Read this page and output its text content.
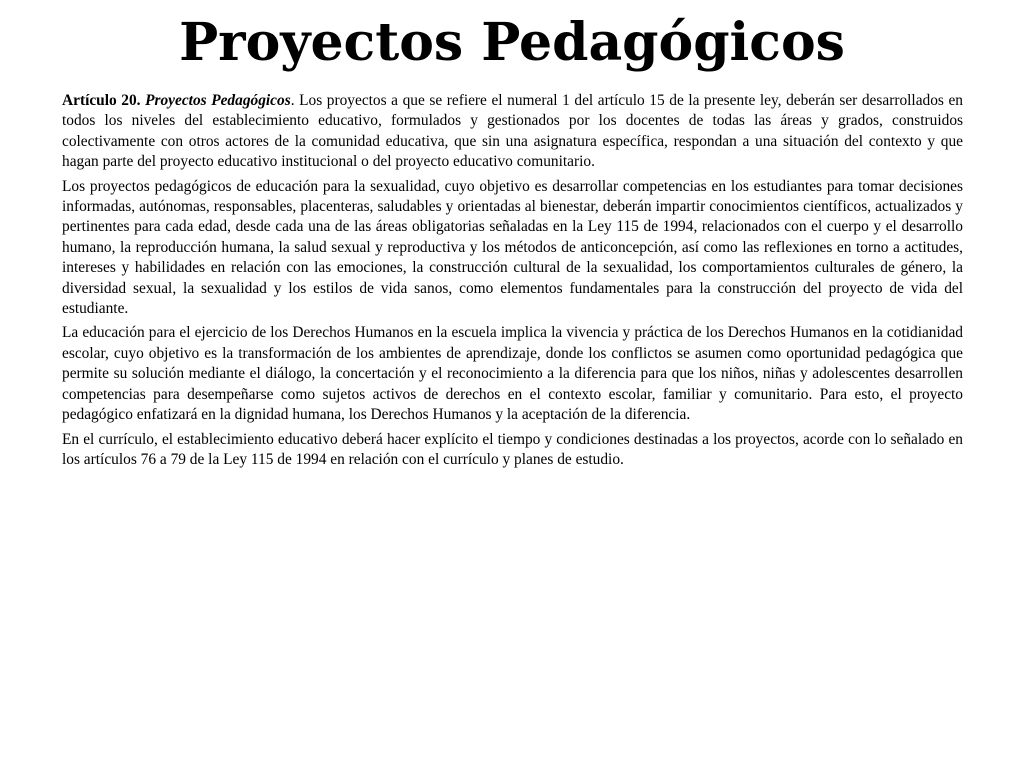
Proyectos Pedagógicos

Artículo 20. Proyectos Pedagógicos. Los proyectos a que se refiere el numeral 1 del artículo 15 de la presente ley, deberán ser desarrollados en todos los niveles del establecimiento educativo, formulados y gestionados por los docentes de todas las áreas y grados, construidos colectivamente con otros actores de la comunidad educativa, que sin una asignatura específica, respondan a una situación del contexto y que hagan parte del proyecto educativo institucional o del proyecto educativo comunitario.

Los proyectos pedagógicos de educación para la sexualidad, cuyo objetivo es desarrollar competencias en los estudiantes para tomar decisiones informadas, autónomas, responsables, placenteras, saludables y orientadas al bienestar, deberán impartir conocimientos científicos, actualizados y pertinentes para cada edad, desde cada una de las áreas obligatorias señaladas en la Ley 115 de 1994, relacionados con el cuerpo y el desarrollo humano, la reproducción humana, la salud sexual y reproductiva y los métodos de anticoncepción, así como las reflexiones en torno a actitudes, intereses y habilidades en relación con las emociones, la construcción cultural de la sexualidad, los comportamientos culturales de género, la diversidad sexual, la sexualidad y los estilos de vida sanos, como elementos fundamentales para la construcción del proyecto de vida del estudiante.

La educación para el ejercicio de los Derechos Humanos en la escuela implica la vivencia y práctica de los Derechos Humanos en la cotidianidad escolar, cuyo objetivo es la transformación de los ambientes de aprendizaje, donde los conflictos se asumen como oportunidad pedagógica que permite su solución mediante el diálogo, la concertación y el reconocimiento a la diferencia para que los niños, niñas y adolescentes desarrollen competencias para desempeñarse como sujetos activos de derechos en el contexto escolar, familiar y comunitario. Para esto, el proyecto pedagógico enfatizará en la dignidad humana, los Derechos Humanos y la aceptación de la diferencia.

En el currículo, el establecimiento educativo deberá hacer explícito el tiempo y condiciones destinadas a los proyectos, acorde con lo señalado en los artículos 76 a 79 de la Ley 115 de 1994 en relación con el currículo y planes de estudio.
